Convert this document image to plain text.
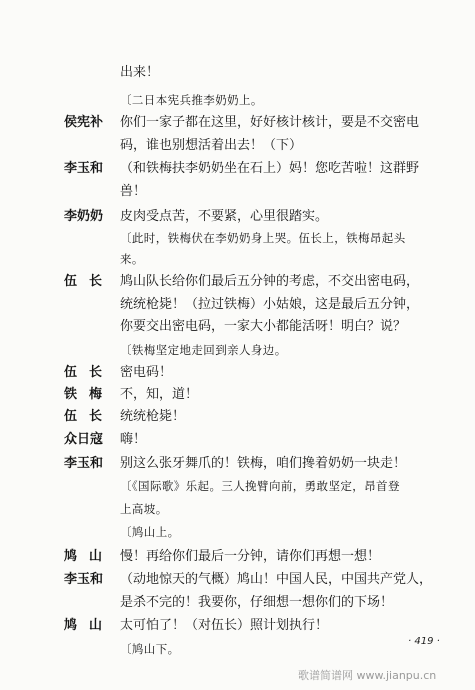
出来！
〔二日本宪兵推李奶奶上。
侯宪补	你们一家子都在这里，好好核计核计，要是不交密电
码，谁也别想活着出去！（下）
李玉和	（和铁梅扶李奶奶坐在石上）妈！您吃苦啦！这群野
兽！
李奶奶	皮肉受点苦，不要紧，心里很踏实。
〔此时，铁梅伏在李奶奶身上哭。伍长上，铁梅昂起头
来。
伍长 鸠山队长给你们最后五分钟的考虑，不交出密电码，
统统枪毙！（拉过铁梅）小姑娘，这是最后五分钟，
你要交出密电码，一家大小都能活呀！明白？说？
〔铁梅坚定地走回到亲人身边。
伍长 密电码！
铁梅 不，知，道！
伍长 统统枪毙！
众日寇	嗨！
李玉和	别这么张牙舞爪的！铁梅，咱们搀着奶奶一块走！
〔《国际歌》乐起。三人挽臂向前，勇敢坚定，昂首登
上高坡。
〔鸠山上。
鸠山 慢！再给你们最后一分钟，请你们再想一想！
李玉和	（动地惊天的气概）鸠山！中国人民，中国共产党人，
是杀不完的！我要你，仔细想一想你们的下场！
鸠山 太可怕了！（对伍长）照计划执行！
〔鸠山下。
· 419 ·
歌谱简谱网 www.jianpu.cn
